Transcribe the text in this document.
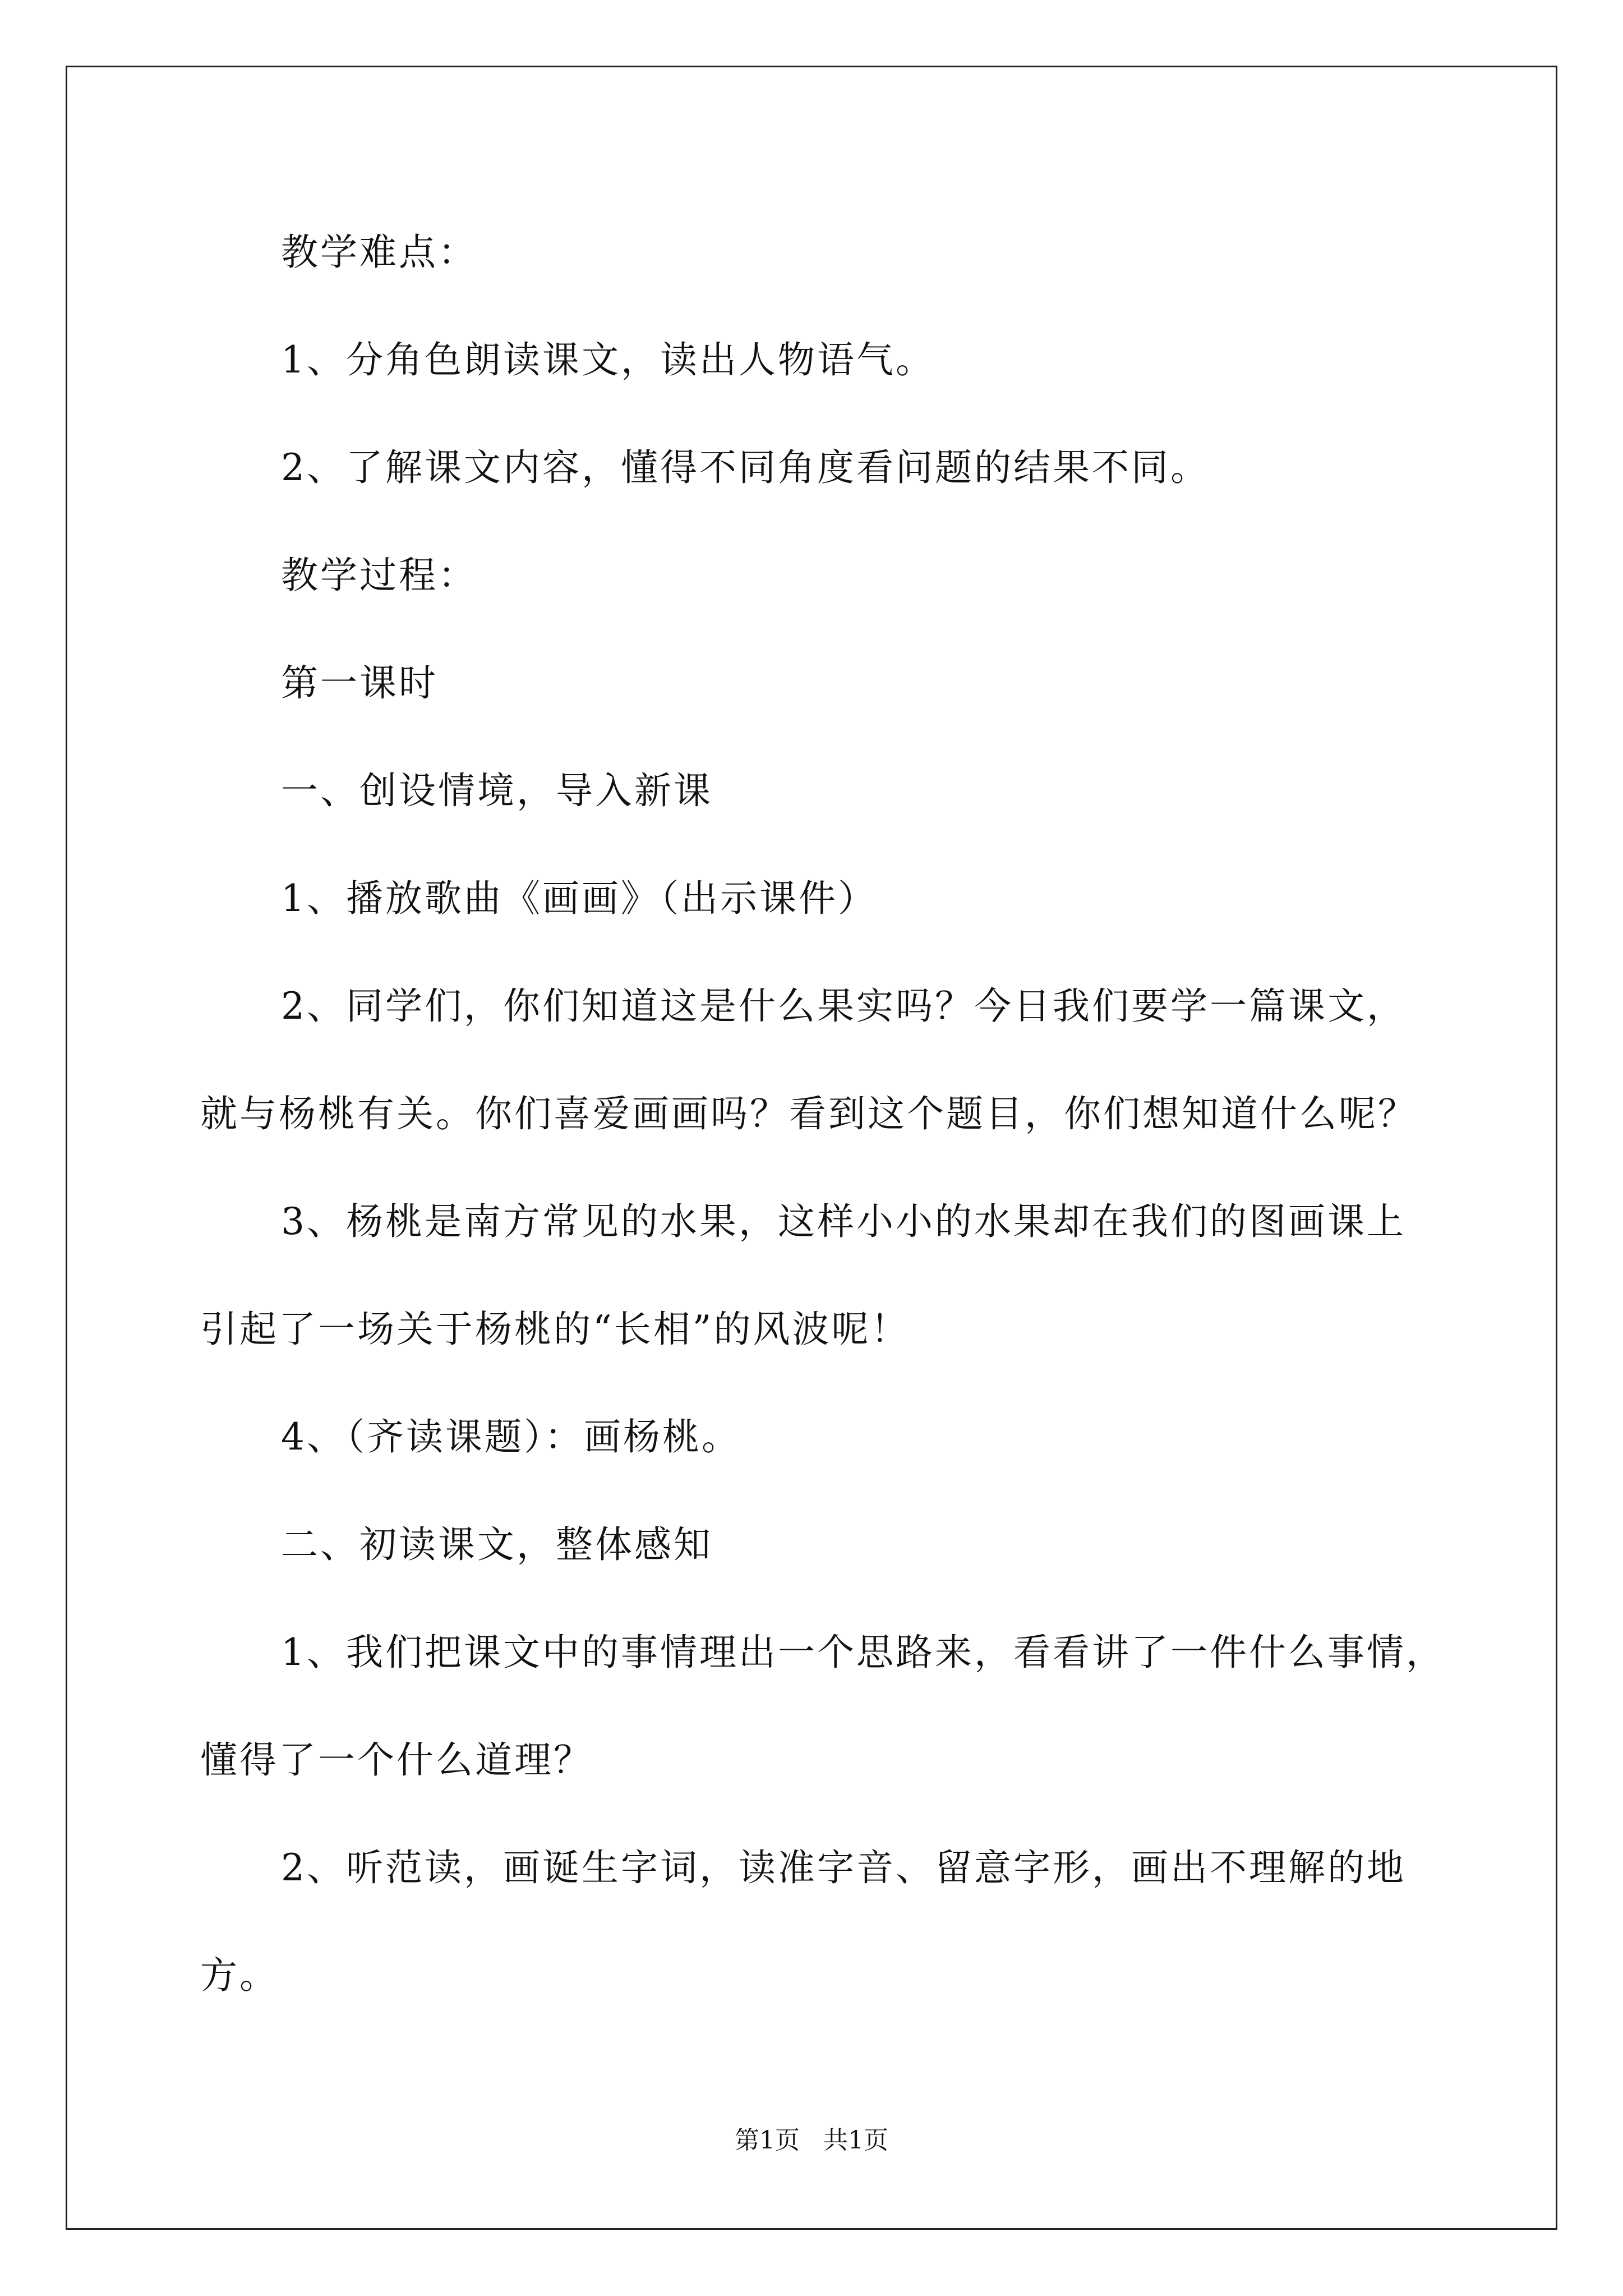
教学难点：
1、分角色朗读课文，读出人物语气。
2、了解课文内容，懂得不同角度看问题的结果不同。
教学过程：
第一课时
一、创设情境，导入新课
1、播放歌曲《画画》（出示课件）
2、同学们，你们知道这是什么果实吗？今日我们要学一篇课文，
就与杨桃有关。你们喜爱画画吗？看到这个题目，你们想知道什么呢？
3、杨桃是南方常见的水果，这样小小的水果却在我们的图画课上
引起了一场关于杨桃的“长相”的风波呢！
4、（齐读课题）：画杨桃。
二、初读课文，整体感知
1、我们把课文中的事情理出一个思路来，看看讲了一件什么事情，
懂得了一个什么道理？
2、听范读，画诞生字词，读准字音、留意字形，画出不理解的地
方。
第1页   共1页
